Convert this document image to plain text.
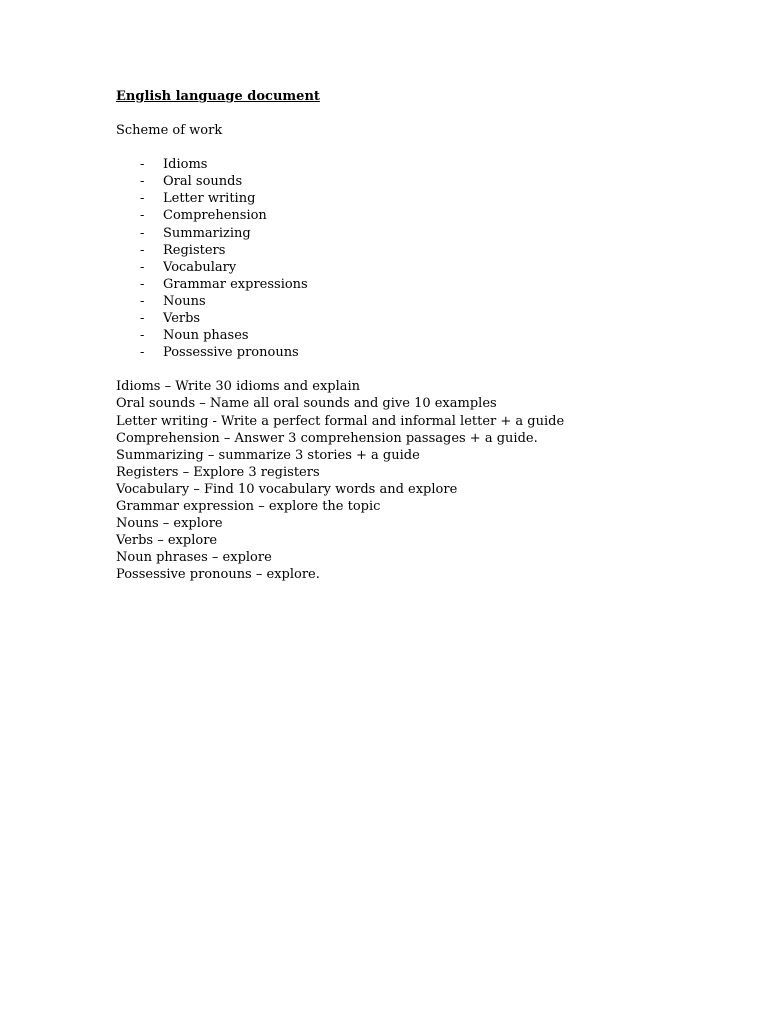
English language document

Scheme of work

-	Idioms
-	Oral sounds
-	Letter writing
-	Comprehension
-	Summarizing
-	Registers
-	Vocabulary
-	Grammar expressions
-	Nouns
-	Verbs
-	Noun phases
-	Possessive pronouns
Idioms – Write 30 idioms and explain
Oral sounds – Name all oral sounds and give 10 examples
Letter writing - Write a perfect formal and informal letter + a guide
Comprehension – Answer 3 comprehension passages + a guide.
Summarizing – summarize 3 stories + a guide
Registers – Explore 3 registers
Vocabulary – Find 10 vocabulary words and explore
Grammar expression – explore the topic
Nouns – explore
Verbs – explore
Noun phrases – explore
Possessive pronouns – explore.
